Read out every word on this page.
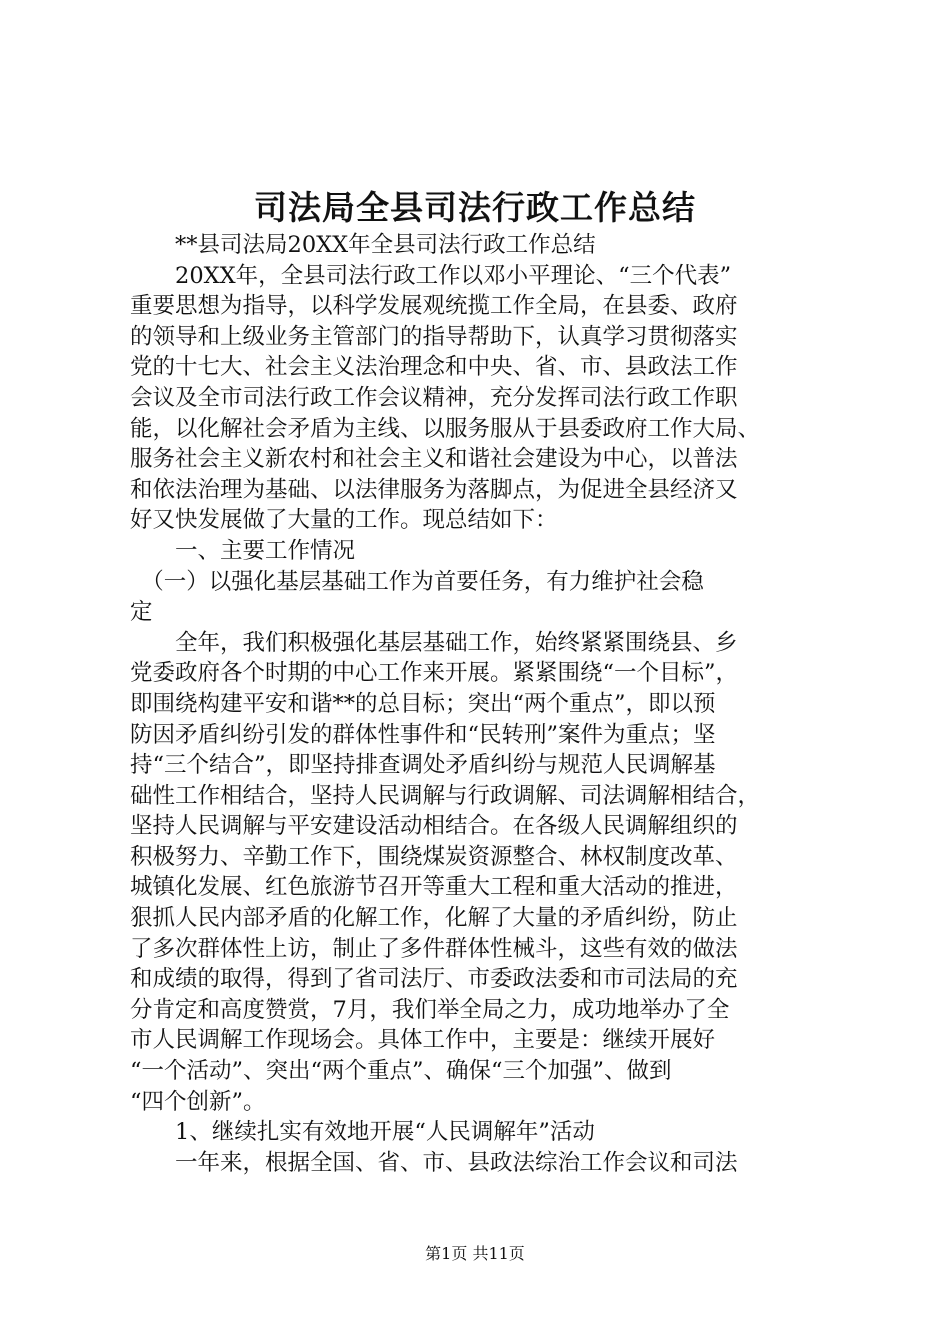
司法局全县司法行政工作总结
　　**县司法局20XX年全县司法行政工作总结
　　20XX年，全县司法行政工作以邓小平理论、“三个代表”
重要思想为指导，以科学发展观统揽工作全局，在县委、政府
的领导和上级业务主管部门的指导帮助下，认真学习贯彻落实
党的十七大、社会主义法治理念和中央、省、市、县政法工作
会议及全市司法行政工作会议精神，充分发挥司法行政工作职
能，以化解社会矛盾为主线、以服务服从于县委政府工作大局、
服务社会主义新农村和社会主义和谐社会建设为中心，以普法
和依法治理为基础、以法律服务为落脚点，为促进全县经济又
好又快发展做了大量的工作。现总结如下：
　　一、主要工作情况
　（一）以强化基层基础工作为首要任务，有力维护社会稳
定
　　全年，我们积极强化基层基础工作，始终紧紧围绕县、乡
党委政府各个时期的中心工作来开展。紧紧围绕“一个目标”，
即围绕构建平安和谐**的总目标；突出“两个重点”，即以预
防因矛盾纠纷引发的群体性事件和“民转刑”案件为重点；坚
持“三个结合”，即坚持排查调处矛盾纠纷与规范人民调解基
础性工作相结合，坚持人民调解与行政调解、司法调解相结合，
坚持人民调解与平安建设活动相结合。在各级人民调解组织的
积极努力、辛勤工作下，围绕煤炭资源整合、林权制度改革、
城镇化发展、红色旅游节召开等重大工程和重大活动的推进，
狠抓人民内部矛盾的化解工作，化解了大量的矛盾纠纷，防止
了多次群体性上访，制止了多件群体性械斗，这些有效的做法
和成绩的取得，得到了省司法厅、市委政法委和市司法局的充
分肯定和高度赞赏，7月，我们举全局之力，成功地举办了全
市人民调解工作现场会。具体工作中，主要是：继续开展好
“一个活动”、突出“两个重点”、确保“三个加强”、做到
“四个创新”。
　　1、继续扎实有效地开展“人民调解年”活动
　　一年来，根据全国、省、市、县政法综治工作会议和司法
第1页 共11页
